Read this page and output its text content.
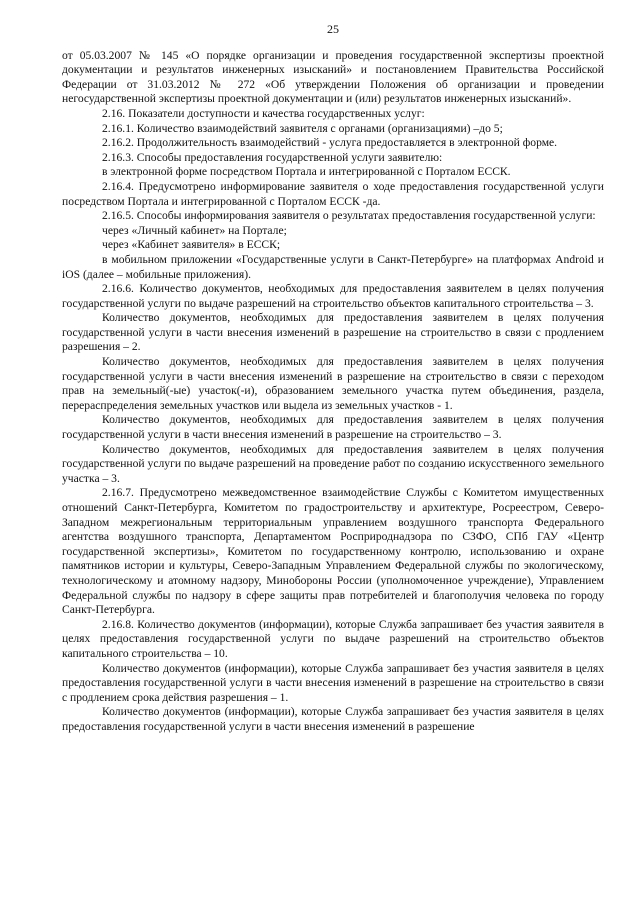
25

от 05.03.2007 № 145 «О порядке организации и проведения государственной экспертизы проектной документации и результатов инженерных изысканий» и постановлением Правительства Российской Федерации от 31.03.2012 № 272 «Об утверждении Положения об организации и проведении негосударственной экспертизы проектной документации и (или) результатов инженерных изысканий».

2.16. Показатели доступности и качества государственных услуг:

2.16.1. Количество взаимодействий заявителя с органами (организациями) –до 5;

2.16.2. Продолжительность взаимодействий - услуга предоставляется в электронной форме.

2.16.3. Способы предоставления государственной услуги заявителю:

в электронной форме посредством Портала и интегрированной с Порталом ЕССК.

2.16.4. Предусмотрено информирование заявителя о ходе предоставления государственной услуги посредством Портала и интегрированной с Порталом ЕССК -да.

2.16.5. Способы информирования заявителя о результатах предоставления государственной услуги:

через «Личный кабинет» на Портале;

через «Кабинет заявителя» в ЕССК;

в мобильном приложении «Государственные услуги в Санкт-Петербурге» на платформах Android и iOS (далее – мобильные приложения).

2.16.6. Количество документов, необходимых для предоставления заявителем в целях получения государственной услуги по выдаче разрешений на строительство объектов капитального строительства – 3.

Количество документов, необходимых для предоставления заявителем в целях получения государственной услуги в части внесения изменений в разрешение на строительство в связи с продлением разрешения – 2.

Количество документов, необходимых для предоставления заявителем в целях получения государственной услуги в части внесения изменений в разрешение на строительство в связи с переходом прав на земельный(-ые) участок(-и), образованием земельного участка путем объединения, раздела, перераспределения земельных участков или выдела из земельных участков - 1.

Количество документов, необходимых для предоставления заявителем в целях получения государственной услуги в части внесения изменений в разрешение на строительство – 3.

Количество документов, необходимых для предоставления заявителем в целях получения государственной услуги по выдаче разрешений на проведение работ по созданию искусственного земельного участка – 3.

2.16.7. Предусмотрено межведомственное взаимодействие Службы с Комитетом имущественных отношений Санкт-Петербурга, Комитетом по градостроительству и архитектуре, Росреестром, Северо-Западном межрегиональным территориальным управлением воздушного транспорта Федерального агентства воздушного транспорта, Департаментом Росприроднадзора по СЗФО, СПб ГАУ «Центр государственной экспертизы», Комитетом по государственному контролю, использованию и охране памятников истории и культуры, Северо-Западным Управлением Федеральной службы по экологическому, технологическому и атомному надзору, Минобороны России (уполномоченное учреждение), Управлением Федеральной службы по надзору в сфере защиты прав потребителей и благополучия человека по городу Санкт-Петербурга.

2.16.8. Количество документов (информации), которые Служба запрашивает без участия заявителя в целях предоставления государственной услуги по выдаче разрешений на строительство объектов капитального строительства – 10.

Количество документов (информации), которые Служба запрашивает без участия заявителя в целях предоставления государственной услуги в части внесения изменений в разрешение на строительство в связи с продлением срока действия разрешения – 1.

Количество документов (информации), которые Служба запрашивает без участия заявителя в целях предоставления государственной услуги в части внесения изменений в разрешение
